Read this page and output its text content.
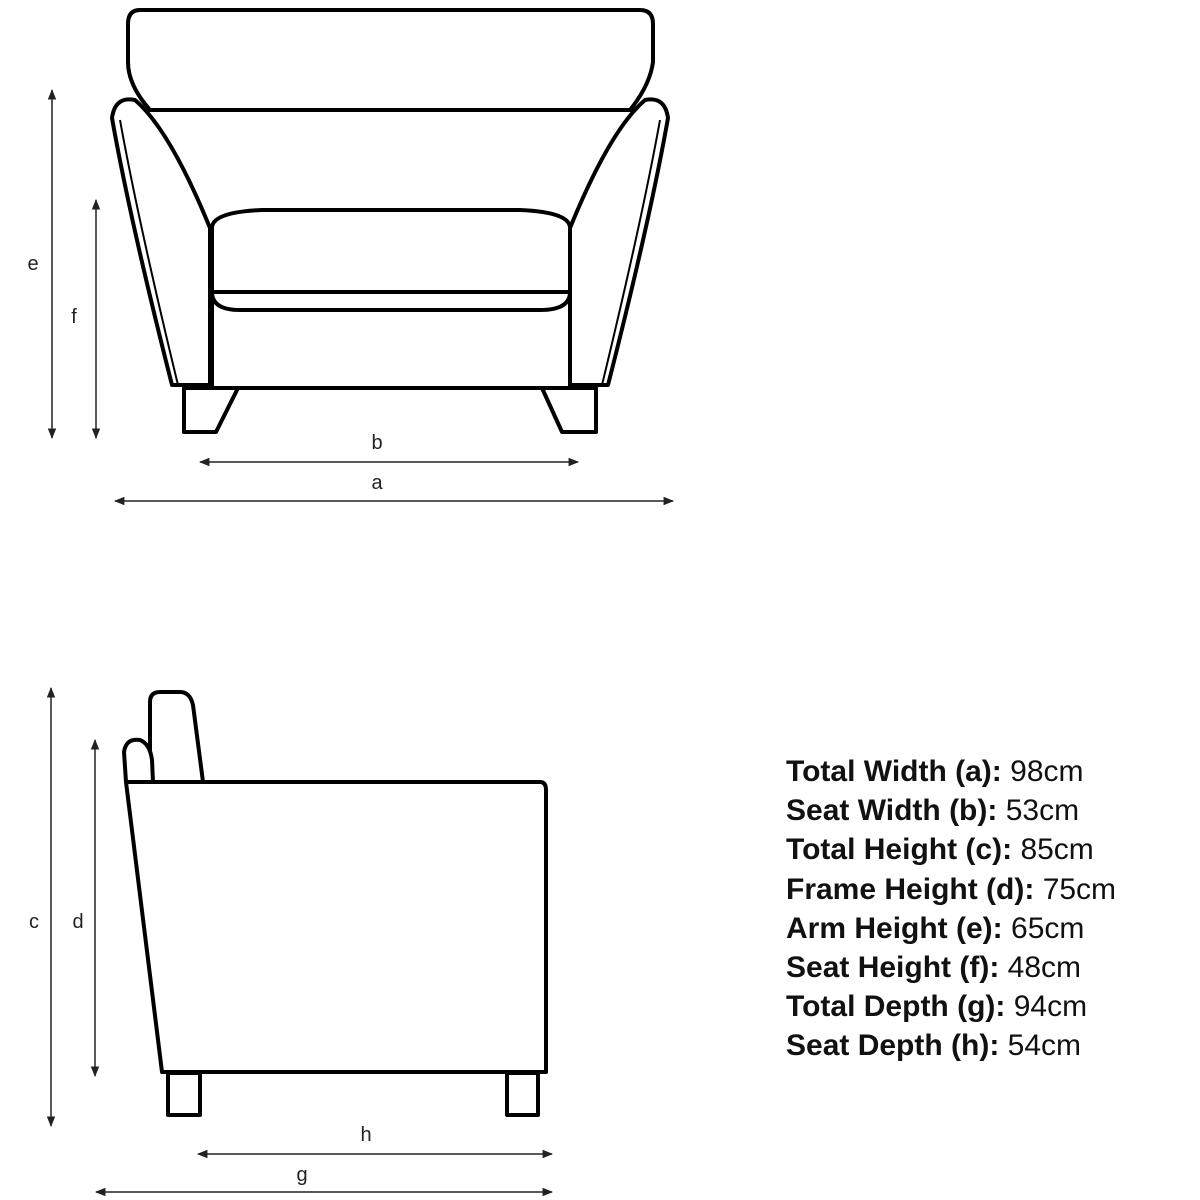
e
f
b
a
c d
h
g
Total Width (a): 98cm
Seat Width (b): 53cm
Total Height (c): 85cm
Frame Height (d): 75cm
Arm Height (e): 65cm
Seat Height (f): 48cm
Total Depth (g): 94cm
Seat Depth (h): 54cm
